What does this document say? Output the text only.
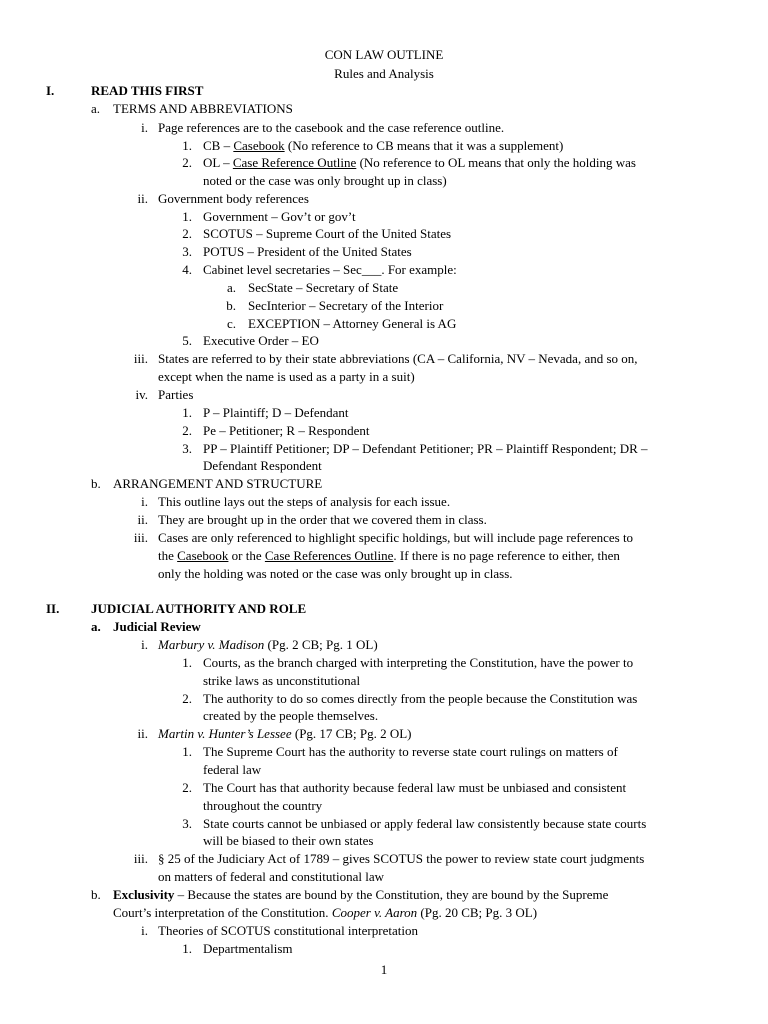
CON LAW OUTLINE
Rules and Analysis
I.	READ THIS FIRST
a. TERMS AND ABBREVIATIONS
i. Page references are to the casebook and the case reference outline.
1. CB – Casebook (No reference to CB means that it was a supplement)
2. OL – Case Reference Outline (No reference to OL means that only the holding was
noted or the case was only brought up in class)
ii. Government body references
1. Government – Gov’t or gov’t
2. SCOTUS – Supreme Court of the United States
3. POTUS – President of the United States
4. Cabinet level secretaries – Sec___. For example:
a. SecState – Secretary of State
b. SecInterior – Secretary of the Interior
c. EXCEPTION – Attorney General is AG
5. Executive Order – EO
iii. States are referred to by their state abbreviations (CA – California, NV – Nevada, and so on,
except when the name is used as a party in a suit)
iv. Parties
1. P – Plaintiff; D – Defendant
2. Pe – Petitioner; R – Respondent
3. PP – Plaintiff Petitioner; DP – Defendant Petitioner; PR – Plaintiff Respondent; DR –
Defendant Respondent
b. ARRANGEMENT AND STRUCTURE
i. This outline lays out the steps of analysis for each issue.
ii. They are brought up in the order that we covered them in class.
iii. Cases are only referenced to highlight specific holdings, but will include page references to
the Casebook or the Case References Outline. If there is no page reference to either, then
only the holding was noted or the case was only brought up in class.
II. JUDICIAL AUTHORITY AND ROLE
a. Judicial Review
i. Marbury v. Madison (Pg. 2 CB; Pg. 1 OL)
1. Courts, as the branch charged with interpreting the Constitution, have the power to
strike laws as unconstitutional
2. The authority to do so comes directly from the people because the Constitution was
created by the people themselves.
ii. Martin v. Hunter’s Lessee (Pg. 17 CB; Pg. 2 OL)
1. The Supreme Court has the authority to reverse state court rulings on matters of
federal law
2. The Court has that authority because federal law must be unbiased and consistent
throughout the country
3. State courts cannot be unbiased or apply federal law consistently because state courts
will be biased to their own states
iii. § 25 of the Judiciary Act of 1789 – gives SCOTUS the power to review state court judgments
on matters of federal and constitutional law
b. Exclusivity – Because the states are bound by the Constitution, they are bound by the Supreme
Court’s interpretation of the Constitution. Cooper v. Aaron (Pg. 20 CB; Pg. 3 OL)
i. Theories of SCOTUS constitutional interpretation
1. Departmentalism
1
